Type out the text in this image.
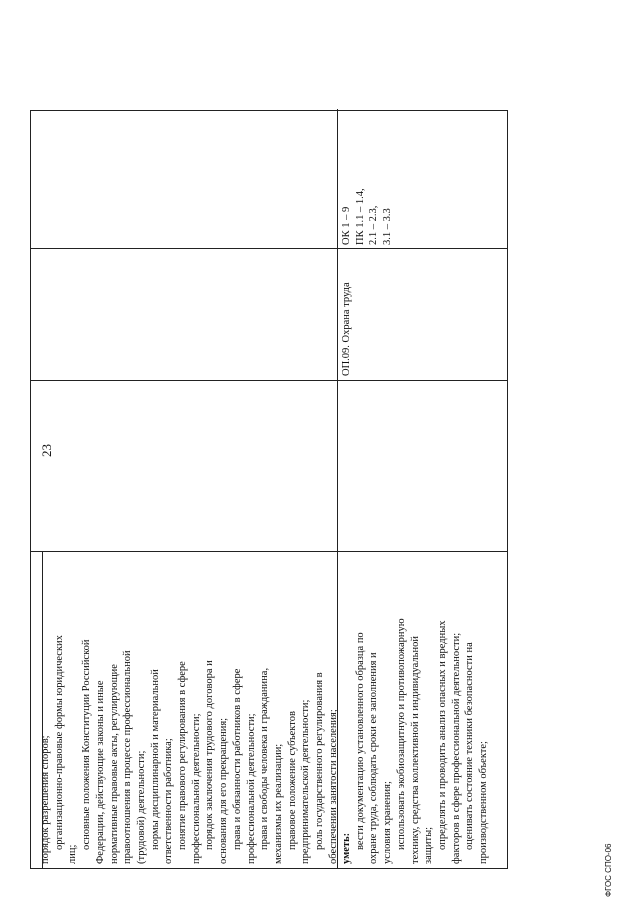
23
порядок разрешения споров; организационно-правовые формы юридических
лиц;
основные положения Конституции Российской Федерации, действующие законы и иные нормативные правовые акты, регулирующие правоотношения в процессе профессиональной (трудовой) деятельности; нормы дисциплинарной и материальной ответственности работника; понятие правового регулирования в сфере профессиональной деятельности; порядок заключения трудового договора и основания для его прекращения; права и обязанности работников в сфере профессиональной деятельности; права и свободы человека и гражданина, механизмы их реализации; правовое положение субъектов предпринимательской деятельности; роль государственного регулирования в обеспечении занятости населения; уметь: вести документацию установленного образца по охране труда, соблюдать сроки ее заполнения и условия хранения; использовать экобиозащитную и противопожарную технику, средства коллективной и индивидуальной защиты; определять и проводить анализ опасных и вредных факторов в сфере профессиональной деятельности; оценивать состояние техники безопасности на производственном объекте;
ОП.09. Охрана труда
ОК 1 – 9 ПК 1.1 – 1.4, 2.1 – 2.3, 3.1 – 3.3
ФГОС СПО-06
